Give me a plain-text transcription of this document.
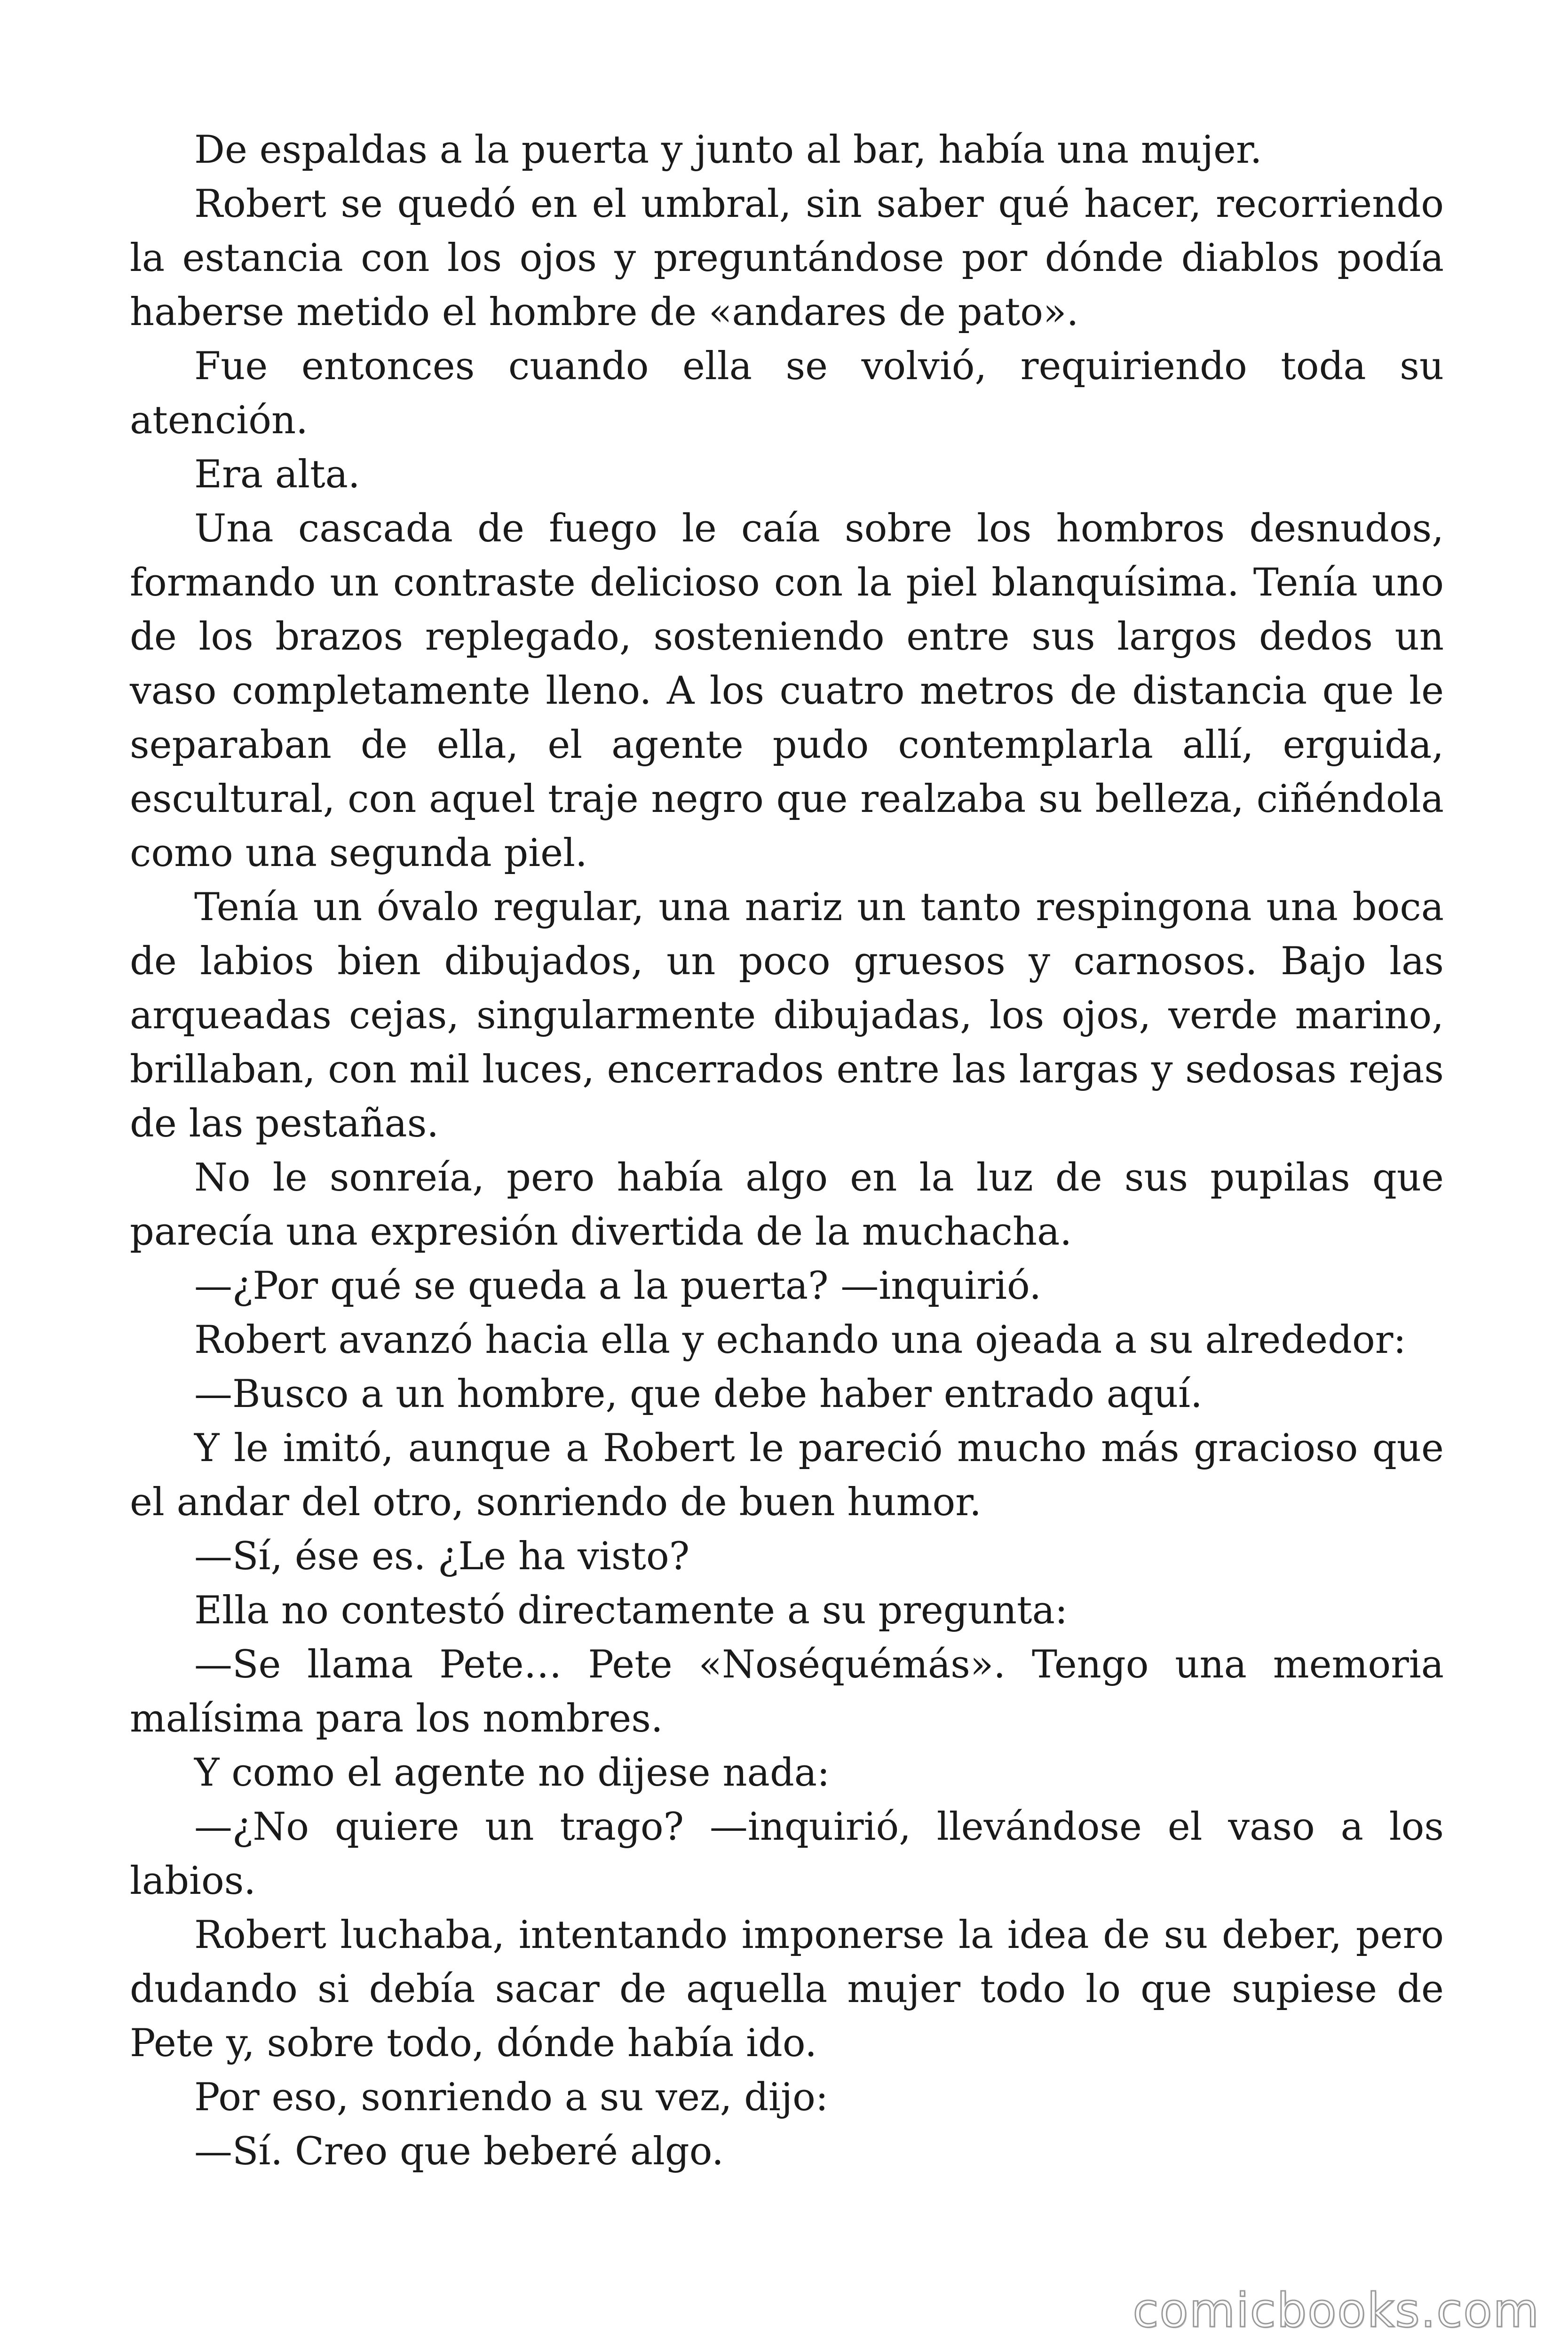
De espaldas a la puerta y junto al bar, había una mujer.

Robert se quedó en el umbral, sin saber qué hacer, recorriendo la estancia con los ojos y preguntándose por dónde diablos podía haberse metido el hombre de «andares de pato».

Fue entonces cuando ella se volvió, requiriendo toda su atención.

Era alta.

Una cascada de fuego le caía sobre los hombros desnudos, formando un contraste delicioso con la piel blanquísima. Tenía uno de los brazos replegado, sosteniendo entre sus largos dedos un vaso completamente lleno. A los cuatro metros de distancia que le separaban de ella, el agente pudo contemplarla allí, erguida, escultural, con aquel traje negro que realzaba su belleza, ciñéndola como una segunda piel.

Tenía un óvalo regular, una nariz un tanto respingona una boca de labios bien dibujados, un poco gruesos y carnosos. Bajo las arqueadas cejas, singularmente dibujadas, los ojos, verde marino, brillaban, con mil luces, encerrados entre las largas y sedosas rejas de las pestañas.

No le sonreía, pero había algo en la luz de sus pupilas que parecía una expresión divertida de la muchacha.

—¿Por qué se queda a la puerta? —inquirió.

Robert avanzó hacia ella y echando una ojeada a su alrededor:

—Busco a un hombre, que debe haber entrado aquí.

Y le imitó, aunque a Robert le pareció mucho más gracioso que el andar del otro, sonriendo de buen humor.

—Sí, ése es. ¿Le ha visto?

Ella no contestó directamente a su pregunta:

—Se llama Pete… Pete «Noséquémás». Tengo una memoria malísima para los nombres.

Y como el agente no dijese nada:

—¿No quiere un trago? —inquirió, llevándose el vaso a los labios.

Robert luchaba, intentando imponerse la idea de su deber, pero dudando si debía sacar de aquella mujer todo lo que supiese de Pete y, sobre todo, dónde había ido.

Por eso, sonriendo a su vez, dijo:

—Sí. Creo que beberé algo.

comicbooks.com
